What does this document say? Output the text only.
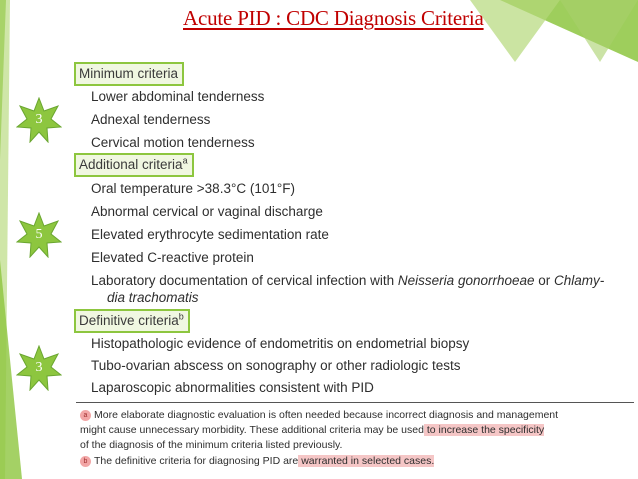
Acute PID : CDC Diagnosis Criteria
Minimum criteria
Lower abdominal tenderness
Adnexal tenderness
Cervical motion tenderness
3
Additional criteria$^a$
Oral temperature >38.3°C (101°F)
Abnormal cervical or vaginal discharge
Elevated erythrocyte sedimentation rate
Elevated C-reactive protein
Laboratory documentation of cervical infection with Neisseria gonorrhoeae or Chlamy-
dia trachomatis
5
Definitive criteria$^b$
Histopathologic evidence of endometritis on endometrial biopsy
Tubo-ovarian abscess on sonography or other radiologic tests
Laparoscopic abnormalities consistent with PID
3
a More elaborate diagnostic evaluation is often needed because incorrect diagnosis and management
might cause unnecessary morbidity. These additional criteria may be used to increase the specificity
of the diagnosis of the minimum criteria listed previously.
b The definitive criteria for diagnosing PID are warranted in selected cases.
